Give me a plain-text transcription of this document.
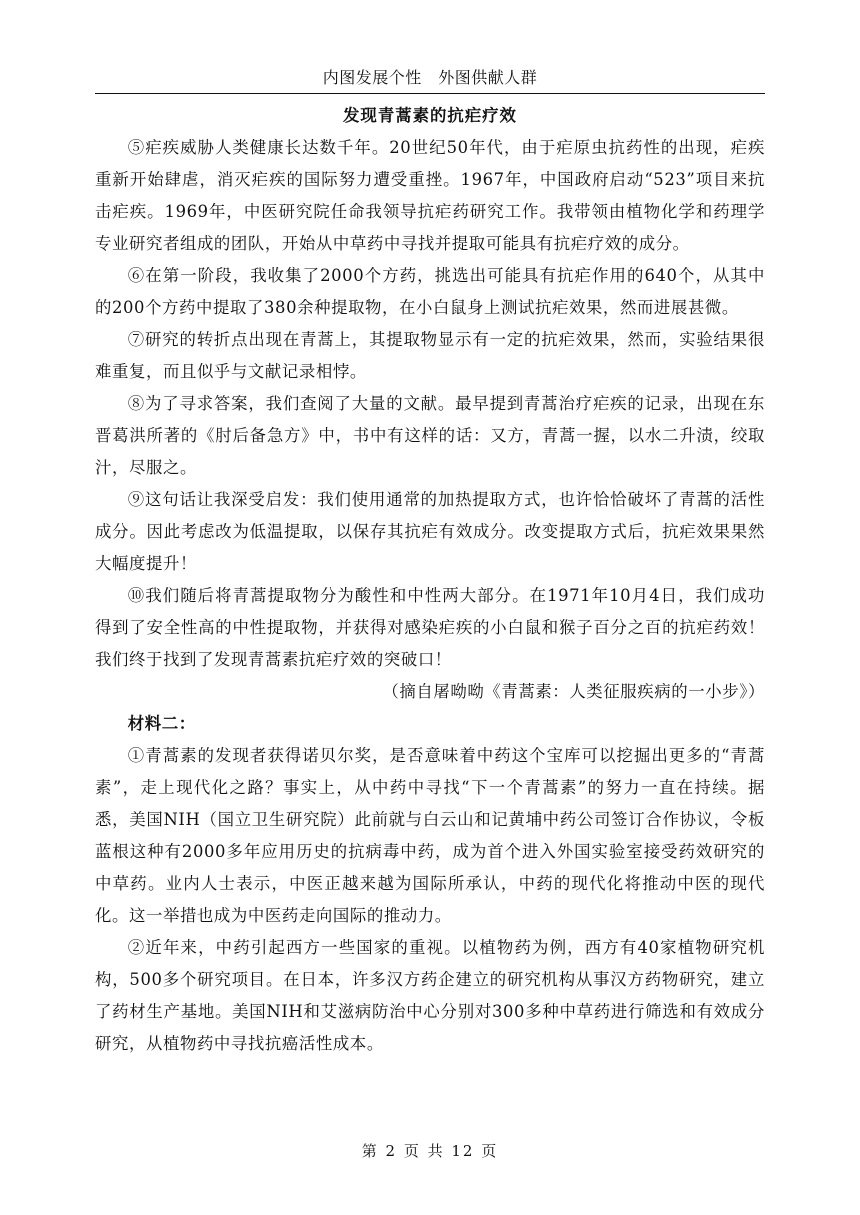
内图发展个性　外图供献人群
发现青蒿素的抗疟疗效

⑤疟疾威胁人类健康长达数千年。20世纪50年代，由于疟原虫抗药性的出现，疟疾重新开始肆虐，消灭疟疾的国际努力遭受重挫。1967年，中国政府启动“523”项目来抗击疟疾。1969年，中医研究院任命我领导抗疟药研究工作。我带领由植物化学和药理学专业研究者组成的团队，开始从中草药中寻找并提取可能具有抗疟疗效的成分。

⑥在第一阶段，我收集了2000个方药，挑选出可能具有抗疟作用的640个，从其中的200个方药中提取了380余种提取物，在小白鼠身上测试抗疟效果，然而进展甚微。

⑦研究的转折点出现在青蒿上，其提取物显示有一定的抗疟效果，然而，实验结果很难重复，而且似乎与文献记录相悖。

⑧为了寻求答案，我们查阅了大量的文献。最早提到青蒿治疗疟疾的记录，出现在东晋葛洪所著的《肘后备急方》中，书中有这样的话：又方，青蒿一握，以水二升渍，绞取汁，尽服之。

⑨这句话让我深受启发：我们使用通常的加热提取方式，也许恰恰破坏了青蒿的活性成分。因此考虑改为低温提取，以保存其抗疟有效成分。改变提取方式后，抗疟效果果然大幅度提升！

⑩我们随后将青蒿提取物分为酸性和中性两大部分。在1971年10月4日，我们成功得到了安全性高的中性提取物，并获得对感染疟疾的小白鼠和猴子百分之百的抗疟药效！我们终于找到了发现青蒿素抗疟疗效的突破口！

（摘自屠呦呦《青蒿素：人类征服疾病的一小步》）

材料二：

①青蒿素的发现者获得诺贝尔奖，是否意味着中药这个宝库可以挖掘出更多的“青蒿素”，走上现代化之路？事实上，从中药中寻找“下一个青蒿素”的努力一直在持续。据悉，美国NIH（国立卫生研究院）此前就与白云山和记黄埔中药公司签订合作协议，令板蓝根这种有2000多年应用历史的抗病毒中药，成为首个进入外国实验室接受药效研究的中草药。业内人士表示，中医正越来越为国际所承认，中药的现代化将推动中医的现代化。这一举措也成为中医药走向国际的推动力。

②近年来，中药引起西方一些国家的重视。以植物药为例，西方有40家植物研究机构，500多个研究项目。在日本，许多汉方药企建立的研究机构从事汉方药物研究，建立了药材生产基地。美国NIH和艾滋病防治中心分别对300多种中草药进行筛选和有效成分研究，从植物药中寻找抗癌活性成本。

第 2 页 共 12 页
